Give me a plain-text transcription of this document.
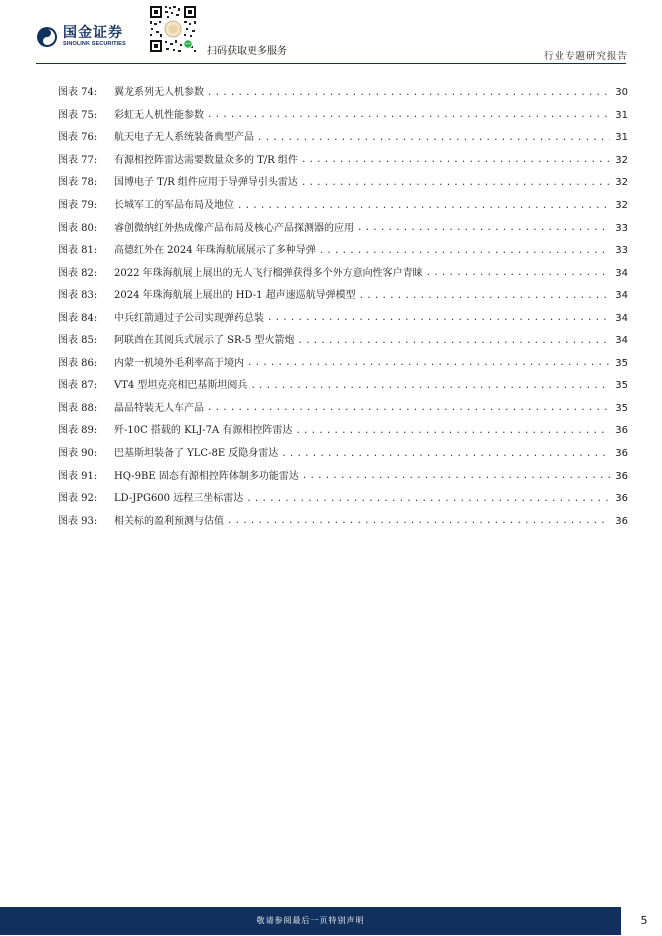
国金证券
SINOLINK SECURITIES
扫码获取更多服务	行业专题研究报告
图表 74:	翼龙系列无人机参数 .....	30
图表 75:	彩虹无人机性能参数 .....	31
图表 76:	航天电子无人系统装备典型产品 .....	31
图表 77:	有源相控阵雷达需要数量众多的 T/R 组件 .....	32
图表 78:	国博电子 T/R 组件应用于导弹导引头雷达 .....	32
图表 79:	长城军工的军品布局及地位 .....	32
图表 80:	睿创微纳红外热成像产品布局及核心产品探测器的应用 .....	33
图表 81:	高德红外在 2024 年珠海航展展示了多种导弹 .....	33
图表 82:	2022 年珠海航展上展出的无人飞行榴弹获得多个外方意向性客户青睐 .....	34
图表 83:	2024 年珠海航展上展出的 HD-1 超声速巡航导弹模型 .....	34
图表 84:	中兵红箭通过子公司实现弹药总装 .....	34
图表 85:	阿联酋在其阅兵式展示了 SR-5 型火箭炮 .....	34
图表 86:	内蒙一机境外毛利率高于境内 .....	35
图表 87:	VT4 型坦克亮相巴基斯坦阅兵 .....	35
图表 88:	晶品特装无人车产品 .....	35
图表 89:	歼-10C 搭载的 KLJ-7A 有源相控阵雷达 .....	36
图表 90:	巴基斯坦装备了 YLC-8E 反隐身雷达 .....	36
图表 91:	HQ-9BE 固态有源相控阵体制多功能雷达 .....	36
图表 92:	LD-JPG600 远程三坐标雷达 .....	36
图表 93:	相关标的盈利预测与估值 .....	36
敬请参阅最后一页特别声明	5
